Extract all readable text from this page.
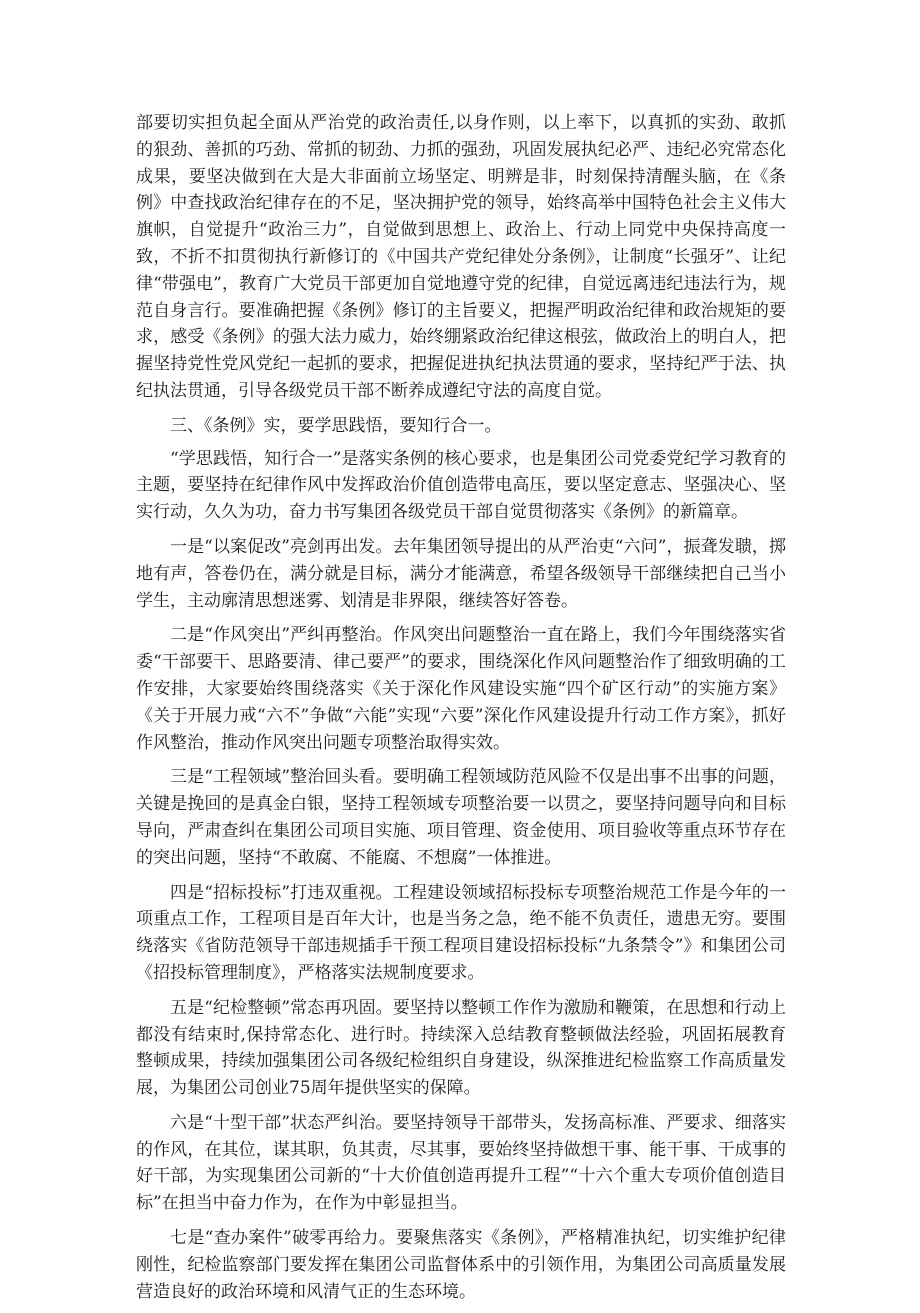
部要切实担负起全面从严治党的政治责任,以身作则，以上率下，以真抓的实劲、敢抓的狠劲、善抓的巧劲、常抓的韧劲、力抓的强劲，巩固发展执纪必严、违纪必究常态化成果，要坚决做到在大是大非面前立场坚定、明辨是非，时刻保持清醒头脑，在《条例》中查找政治纪律存在的不足，坚决拥护党的领导，始终高举中国特色社会主义伟大旗帜，自觉提升“政治三力”，自觉做到思想上、政治上、行动上同党中央保持高度一致，不折不扣贯彻执行新修订的《中国共产党纪律处分条例》，让制度“长强牙”、让纪律“带强电”，教育广大党员干部更加自觉地遵守党的纪律，自觉远离违纪违法行为，规范自身言行。要准确把握《条例》修订的主旨要义，把握严明政治纪律和政治规矩的要求，感受《条例》的强大法力威力，始终绷紧政治纪律这根弦，做政治上的明白人，把握坚持党性党风党纪一起抓的要求，把握促进执纪执法贯通的要求，坚持纪严于法、执纪执法贯通，引导各级党员干部不断养成遵纪守法的高度自觉。

三、《条例》实，要学思践悟，要知行合一。

“学思践悟，知行合一”是落实条例的核心要求，也是集团公司党委党纪学习教育的主题，要坚持在纪律作风中发挥政治价值创造带电高压，要以坚定意志、坚强决心、坚实行动，久久为功，奋力书写集团各级党员干部自觉贯彻落实《条例》的新篇章。

一是“以案促改”亮剑再出发。去年集团领导提出的从严治吏“六问”，振聋发聩，掷地有声，答卷仍在，满分就是目标，满分才能满意，希望各级领导干部继续把自己当小学生，主动廓清思想迷雾、划清是非界限，继续答好答卷。

二是“作风突出”严纠再整治。作风突出问题整治一直在路上，我们今年围绕落实省委“干部要干、思路要清、律己要严”的要求，围绕深化作风问题整治作了细致明确的工作安排，大家要始终围绕落实《关于深化作风建设实施“四个矿区行动”的实施方案》《关于开展力戒“六不”争做“六能”实现“六要”深化作风建设提升行动工作方案》，抓好作风整治，推动作风突出问题专项整治取得实效。

三是“工程领域”整治回头看。要明确工程领域防范风险不仅是出事不出事的问题，关键是挽回的是真金白银，坚持工程领域专项整治要一以贯之，要坚持问题导向和目标导向，严肃查纠在集团公司项目实施、项目管理、资金使用、项目验收等重点环节存在的突出问题，坚持“不敢腐、不能腐、不想腐”一体推进。

四是“招标投标”打违双重视。工程建设领域招标投标专项整治规范工作是今年的一项重点工作，工程项目是百年大计，也是当务之急，绝不能不负责任，遗患无穷。要围绕落实《省防范领导干部违规插手干预工程项目建设招标投标“九条禁令”》和集团公司《招投标管理制度》，严格落实法规制度要求。

五是“纪检整顿”常态再巩固。要坚持以整顿工作作为激励和鞭策，在思想和行动上都没有结束时,保持常态化、进行时。持续深入总结教育整顿做法经验，巩固拓展教育整顿成果，持续加强集团公司各级纪检组织自身建设，纵深推进纪检监察工作高质量发展，为集团公司创业75周年提供坚实的保障。

六是“十型干部”状态严纠治。要坚持领导干部带头，发扬高标准、严要求、细落实的作风，在其位，谋其职，负其责，尽其事，要始终坚持做想干事、能干事、干成事的好干部，为实现集团公司新的“十大价值创造再提升工程”“十六个重大专项价值创造目标”在担当中奋力作为，在作为中彰显担当。

七是“查办案件”破零再给力。要聚焦落实《条例》，严格精准执纪，切实维护纪律刚性，纪检监察部门要发挥在集团公司监督体系中的引领作用，为集团公司高质量发展营造良好的政治环境和风清气正的生态环境。
